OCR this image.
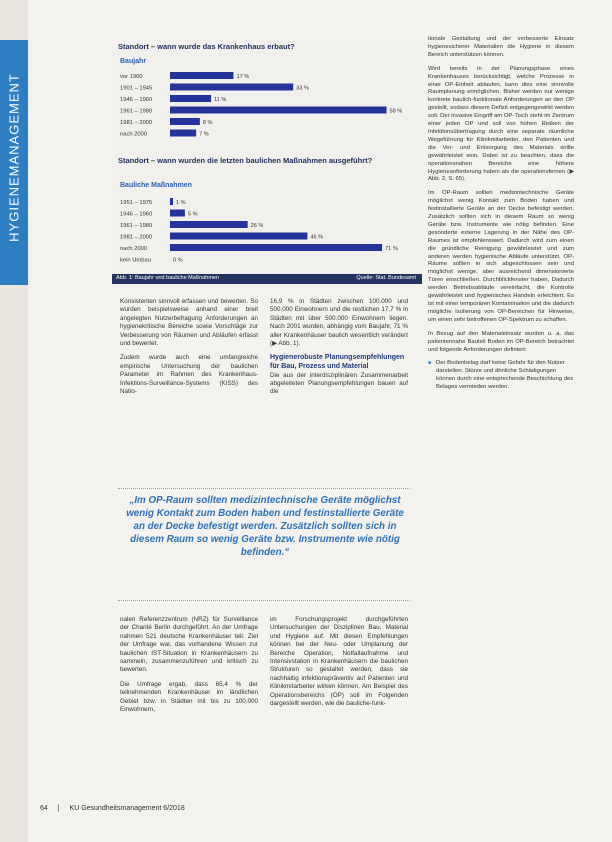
HYGIENEMANAGEMENT
Standort – wann wurde das Krankenhaus erbaut?
Baujahr
vor 1900	17 %
1901 – 1945	33 %
1946 – 1960	11 %
1961 – 1980	58 %
1981 – 2000	8 %
nach 2000	7 %
Standort – wann wurden die letzten baulichen Maßnahmen ausgeführt?
Bauliche Maßnahmen
1951 – 1975	1 %
1946 – 1960	5 %
1961 – 1980	26 %
1981 – 2000	46 %
nach 2000	71 %
kein Umbau	0 %
Abb. 1: Baujahr und bauliche Maßnahmen	Quelle: Stat. Bundesamt

Konsistenten sinnvoll erfassen und bewerten. So wurden beispielsweise anhand einer breit angelegten Nutzerbefragung Anforderungen an hygienekritische Bereiche sowie Vorschläge zur Verbesserung von Räumen und Abläufen erfasst und bewertet.

Zudem wurde auch eine umfangreiche empirische Untersuchung der baulichen Parameter im Rahmen des Krankenhaus-Infektions-Surveillance-Systems (KISS) des Natio-

16,9 % in Städten zwischen 100.000 und 500.000 Einwohnern und die restlichen 17,7 % in Städten mit über 500.000 Einwohnern liegen. Nach 2001 wurden, abhängig vom Baujahr, 71 % aller Krankenhäuser baulich wesentlich verändert (▶ Abb. 1).

Hygienerobuste Planungsempfehlungen für Bau, Prozess und Material

Die aus der interdisziplinären Zusammenarbeit abgeleiteten Planungsempfehlungen bauen auf die

„Im OP-Raum sollten medizintechnische Geräte möglichst wenig Kontakt zum Boden haben und festinstallierte Geräte an der Decke befestigt werden. Zusätzlich sollten sich in diesem Raum so wenig Geräte bzw. Instrumente wie nötig befinden.“

nalen Referenzzentrum (NRZ) für Surveillance der Charité Berlin durchgeführt. An der Umfrage nahmen 521 deutsche Krankenhäuser teil. Ziel der Umfrage war, das vorhandene Wissen zur baulichen IST-Situation in Krankenhäusern zu sammeln, zusammenzuführen und kritisch zu bewerten.

Die Umfrage ergab, dass 65,4 % der teilnehmenden Krankenhäuser im ländlichen Gebiet bzw. in Städten mit bis zu 100.000 Einwohnern,

im Forschungsprojekt durchgeführten Untersuchungen der Disziplinen Bau, Material und Hygiene auf. Mit diesen Empfehlungen können bei der Neu- oder Umplanung der Bereiche Operation, Notfallaufnahme und Intensivstation in Krankenhäusern die baulichen Strukturen so gestaltet werden, dass sie nachhaltig infektionspräventiv auf Patienten und Klinikmitarbeiter wirken können. Am Beispiel des Operationsbereichs (OP) soll im Folgenden dargestellt werden, wie die bauliche-funk-

tionale Gestaltung und der verbesserte Einsatz hygienesicherer Materialien die Hygiene in diesem Bereich unterstützen können.

Wird bereits in der Planungsphase eines Krankenhauses berücksichtigt, welche Prozesse in einer OP-Einheit ablaufen, kann dies eine sinnvolle Raumplanung ermöglichen. Bisher werden nur wenige konkrete baulich-funktionale Anforderungen an den OP gestellt, sodass diesem Defizit entgegengewirkt werden soll. Der invasive Eingriff am OP-Tisch steht im Zentrum einer jeden OP und soll von hohen Risiken der Infektionsübertragung durch eine separate räumliche Wegeführung für Klinikmitarbeiter, den Patienten und die Ver- und Entsorgung des Materials sollte gewährleistet sein. Dabei ist zu beachten, dass die operationsnahen Bereiche eine höhere Hygieneanforderung haben als die operationsfernen (▶ Abb. 2, S. 65).

Im OP-Raum sollten medizintechnische Geräte möglichst wenig Kontakt zum Boden haben und festinstallierte Geräte an der Decke befestigt werden. Zusätzlich sollten sich in diesem Raum so wenig Geräte bzw. Instrumente wie nötig befinden. Eine gesonderte externe Lagerung in der Nähe des OP-Raumes ist empfehlenswert. Dadurch wird zum einen die gründliche Reinigung gewährleistet und zum anderen werden hygienische Abläufe unterstützt. OP-Räume sollten in sich abgeschlossen sein und möglichst wenige, aber ausreichend dimensionierte Türen einschließen. Durchblickfenster haben, Dadurch werden Betriebsabläufe vereinfacht, die Kontrolle gewährleistet und hygienisches Handeln erleichtert. Es ist mit einer temporären Kontamination und die dadurch mögliche Isolierung von OP-Bereichen für Hinweise, um einen sehr betroffenen OP-Spektrum zu schaffen.

In Bezug auf den Materialeinsatz wurden u. a. das patientennahe Bauteil Boden im OP-Bereich betrachtet und folgende Anforderungen definiert:

■ Der Bodenbelag darf keine Gefahr für den Nutzer darstellen. Stürze und ähnliche Schädigungen können durch eine entsprechende Beschichtung des Belages vermieden werden.
64 | KU Gesundheitsmanagement 6/2018
